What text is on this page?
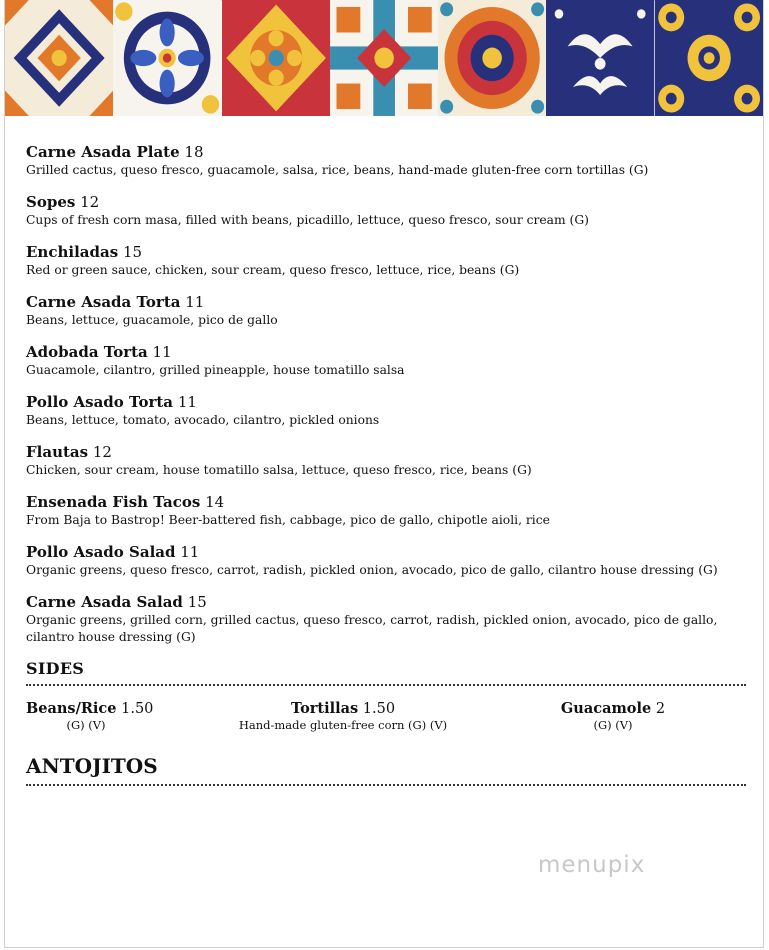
Carne Asada Plate 18
Grilled cactus, queso fresco, guacamole, salsa, rice, beans, hand-made gluten-free corn tortillas (G)
Sopes 12
Cups of fresh corn masa, filled with beans, picadillo, lettuce, queso fresco, sour cream (G)
Enchiladas 15
Red or green sauce, chicken, sour cream, queso fresco, lettuce, rice, beans (G)
Carne Asada Torta 11
Beans, lettuce, guacamole, pico de gallo
Adobada Torta 11
Guacamole, cilantro, grilled pineapple, house tomatillo salsa
Pollo Asado Torta 11
Beans, lettuce, tomato, avocado, cilantro, pickled onions
Flautas 12
Chicken, sour cream, house tomatillo salsa, lettuce, queso fresco, rice, beans (G)
Ensenada Fish Tacos 14
From Baja to Bastrop! Beer-battered fish, cabbage, pico de gallo, chipotle aioli, rice
Pollo Asado Salad 11
Organic greens, queso fresco, carrot, radish, pickled onion, avocado, pico de gallo, cilantro house dressing (G)
Carne Asada Salad 15
Organic greens, grilled corn, grilled cactus, queso fresco, carrot, radish, pickled onion, avocado, pico de gallo,
cilantro house dressing (G)
SIDES
Beans/Rice 1.50
(G) (V)
Tortillas 1.50
Hand-made gluten-free corn (G) (V)
Guacamole 2
(G) (V)
ANTOJITOS
menupix
